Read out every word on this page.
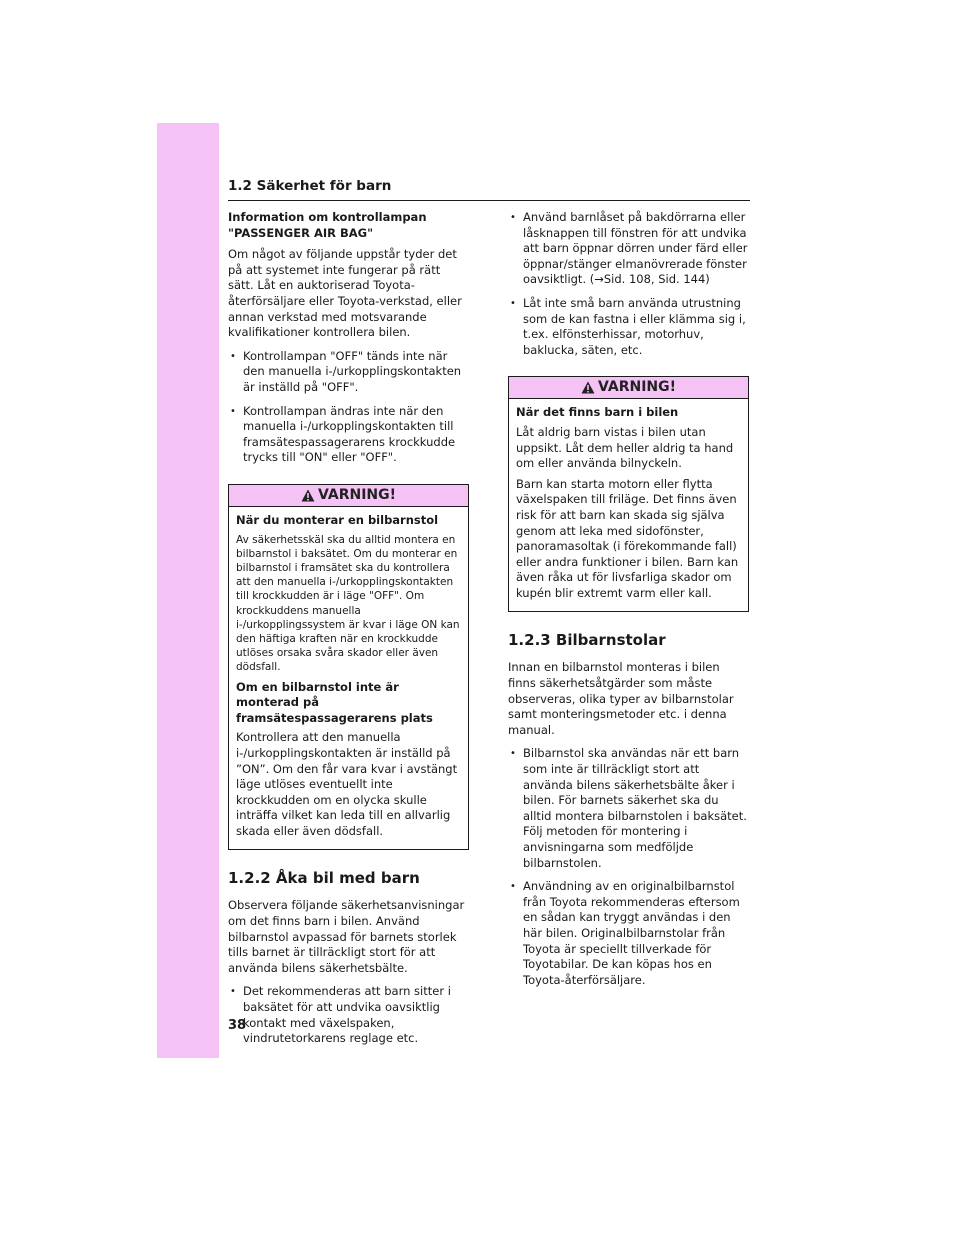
1.2 Säkerhet för barn

Information om kontrollampan "PASSENGER AIR BAG"

Om något av följande uppstår tyder det på att systemet inte fungerar på rätt sätt. Låt en auktoriserad Toyota-återförsäljare eller Toyota-verkstad, eller annan verkstad med motsvarande kvalifikationer kontrollera bilen.

• Kontrollampan "OFF" tänds inte när den manuella i-/urkopplingskontakten är inställd på "OFF".
• Kontrollampan ändras inte när den manuella i-/urkopplingskontakten till framsätespassagerarens krockkudde trycks till "ON" eller "OFF".
VARNING!

När du monterar en bilbarnstol

Av säkerhetsskäl ska du alltid montera en bilbarnstol i baksätet. Om du monterar en bilbarnstol i framsätet ska du kontrollera att den manuella i-/urkopplingskontakten till krockkudden är i läge "OFF". Om krockkuddens manuella i-/urkopplingssystem är kvar i läge ON kan den häftiga kraften när en krockkudde utlöses orsaka svåra skador eller även dödsfall.

Om en bilbarnstol inte är monterad på framsätespassagerarens plats

Kontrollera att den manuella i-/urkopplingskontakten är inställd på ”ON”. Om den får vara kvar i avstängt läge utlöses eventuellt inte krockkudden om en olycka skulle inträffa vilket kan leda till en allvarlig skada eller även dödsfall.

1.2.2 Åka bil med barn

Observera följande säkerhetsanvisningar om det finns barn i bilen. Använd bilbarnstol avpassad för barnets storlek tills barnet är tillräckligt stort för att använda bilens säkerhetsbälte.

• Det rekommenderas att barn sitter i baksätet för att undvika oavsiktlig kontakt med växelspaken, vindrutetorkarens reglage etc.
• Använd barnlåset på bakdörrarna eller låsknappen till fönstren för att undvika att barn öppnar dörren under färd eller öppnar/stänger elmanövrerade fönster oavsiktligt. (→Sid. 108, Sid. 144)
• Låt inte små barn använda utrustning som de kan fastna i eller klämma sig i, t.ex. elfönsterhissar, motorhuv, baklucka, säten, etc.
VARNING!

När det finns barn i bilen

Låt aldrig barn vistas i bilen utan uppsikt. Låt dem heller aldrig ta hand om eller använda bilnyckeln.

Barn kan starta motorn eller flytta växelspaken till friläge. Det finns även risk för att barn kan skada sig själva genom att leka med sidofönster, panoramasoltak (i förekommande fall) eller andra funktioner i bilen. Barn kan även råka ut för livsfarliga skador om kupén blir extremt varm eller kall.

1.2.3 Bilbarnstolar

Innan en bilbarnstol monteras i bilen finns säkerhetsåtgärder som måste observeras, olika typer av bilbarnstolar samt monteringsmetoder etc. i denna manual.

• Bilbarnstol ska användas när ett barn som inte är tillräckligt stort att använda bilens säkerhetsbälte åker i bilen. För barnets säkerhet ska du alltid montera bilbarnstolen i baksätet. Följ metoden för montering i anvisningarna som medföljde bilbarnstolen.
• Användning av en originalbilbarnstol från Toyota rekommenderas eftersom en sådan kan tryggt användas i den här bilen. Originalbilbarnstolar från Toyota är speciellt tillverkade för Toyotabilar. De kan köpas hos en Toyota-återförsäljare.
38
